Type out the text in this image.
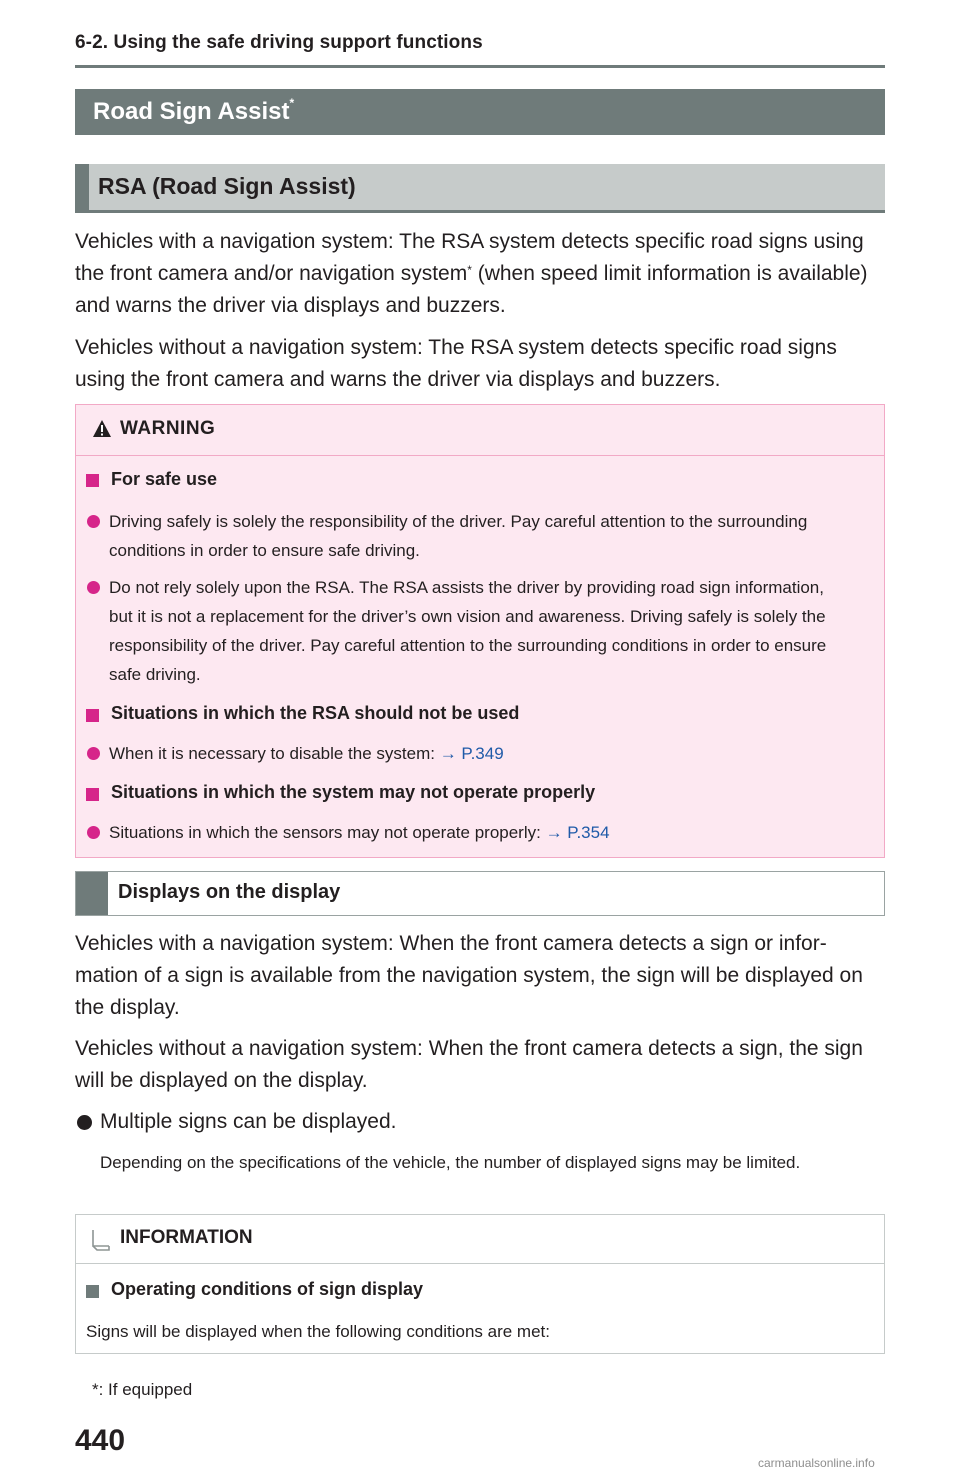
6-2. Using the safe driving support functions
Road Sign Assist*
RSA (Road Sign Assist)
Vehicles with a navigation system: The RSA system detects specific road signs using the front camera and/or navigation system* (when speed limit information is available) and warns the driver via displays and buzzers.
Vehicles without a navigation system: The RSA system detects specific road signs using the front camera and warns the driver via displays and buzzers.
WARNING
For safe use
Driving safely is solely the responsibility of the driver. Pay careful attention to the surrounding conditions in order to ensure safe driving.
Do not rely solely upon the RSA. The RSA assists the driver by providing road sign information, but it is not a replacement for the driver’s own vision and awareness. Driving safely is solely the responsibility of the driver. Pay careful attention to the surrounding conditions in order to ensure safe driving.
Situations in which the RSA should not be used
When it is necessary to disable the system: → P.349
Situations in which the system may not operate properly
Situations in which the sensors may not operate properly: → P.354
Displays on the display
Vehicles with a navigation system: When the front camera detects a sign or infor-mation of a sign is available from the navigation system, the sign will be displayed on the display.
Vehicles without a navigation system: When the front camera detects a sign, the sign will be displayed on the display.
Multiple signs can be displayed.
Depending on the specifications of the vehicle, the number of displayed signs may be limited.
INFORMATION
Operating conditions of sign display
Signs will be displayed when the following conditions are met:
*: If equipped
440
carmanualsonline.info
